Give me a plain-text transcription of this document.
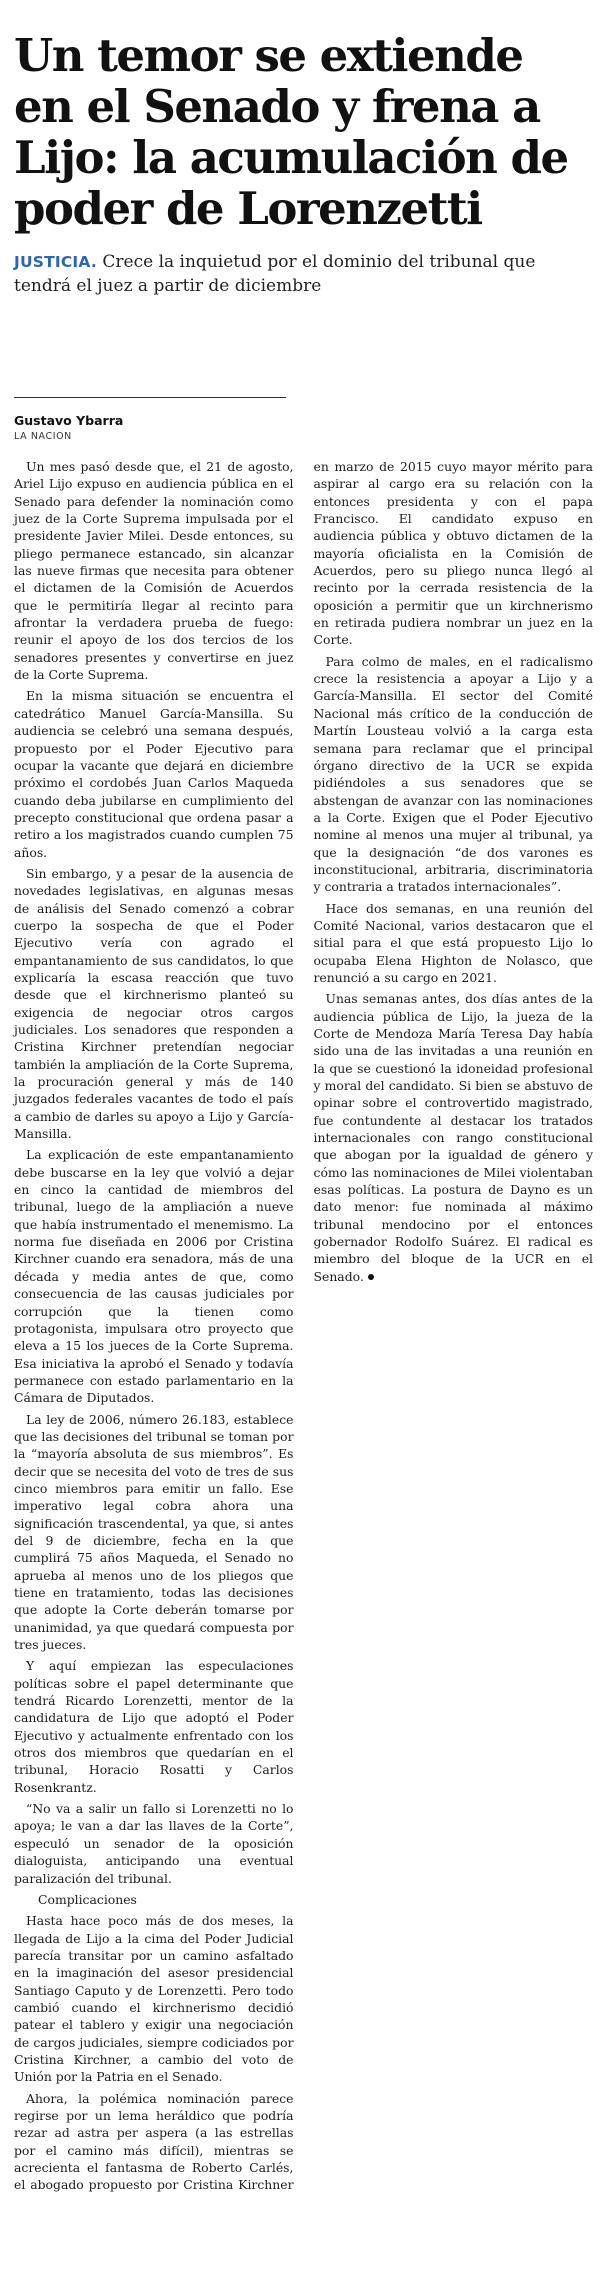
Un temor se extiende en el Senado y frena a Lijo: la acumulación de poder de Lorenzetti

JUSTICIA. Crece la inquietud por el dominio del tribunal que tendrá el juez a partir de diciembre

Gustavo Ybarra
LA NACION

Un mes pasó desde que, el 21 de agosto, Ariel Lijo expuso en audiencia pública en el Senado para defender la nominación como juez de la Corte Suprema impulsada por el presidente Javier Milei. Desde entonces, su pliego permanece estancado, sin alcanzar las nueve firmas que necesita para obtener el dictamen de la Comisión de Acuerdos que le permitiría llegar al recinto para afrontar la verdadera prueba de fuego: reunir el apoyo de los dos tercios de los senadores presentes y convertirse en juez de la Corte Suprema.

En la misma situación se encuentra el catedrático Manuel García-Mansilla. Su audiencia se celebró una semana después, propuesto por el Poder Ejecutivo para ocupar la vacante que dejará en diciembre próximo el cordobés Juan Carlos Maqueda cuando deba jubilarse en cumplimiento del precepto constitucional que ordena pasar a retiro a los magistrados cuando cumplen 75 años.

Sin embargo, y a pesar de la ausencia de novedades legislativas, en algunas mesas de análisis del Senado comenzó a cobrar cuerpo la sospecha de que el Poder Ejecutivo vería con agrado el empantanamiento de sus candidatos, lo que explicaría la escasa reacción que tuvo desde que el kirchnerismo planteó su exigencia de negociar otros cargos judiciales. Los senadores que responden a Cristina Kirchner pretendían negociar también la ampliación de la Corte Suprema, la procuración general y más de 140 juzgados federales vacantes de todo el país a cambio de darles su apoyo a Lijo y García-Mansilla.

La explicación de este empantanamiento debe buscarse en la ley que volvió a dejar en cinco la cantidad de miembros del tribunal, luego de la ampliación a nueve que había instrumentado el menemismo. La norma fue diseñada en 2006 por Cristina Kirchner cuando era senadora, más de una década y media antes de que, como consecuencia de las causas judiciales por corrupción que la tienen como protagonista, impulsara otro proyecto que eleva a 15 los jueces de la Corte Suprema. Esa iniciativa la aprobó el Senado y todavía permanece con estado parlamentario en la Cámara de Diputados.

La ley de 2006, número 26.183, establece que las decisiones del tribunal se toman por la “mayoría absoluta de sus miembros”. Es decir que se necesita del voto de tres de sus cinco miembros para emitir un fallo. Ese imperativo legal cobra ahora una significación trascendental, ya que, si antes del 9 de diciembre, fecha en la que cumplirá 75 años Maqueda, el Senado no aprueba al menos uno de los pliegos que tiene en tratamiento, todas las decisiones que adopte la Corte deberán tomarse por unanimidad, ya que quedará compuesta por tres jueces.

Y aquí empiezan las especulaciones políticas sobre el papel determinante que tendrá Ricardo Lorenzetti, mentor de la candidatura de Lijo que adoptó el Poder Ejecutivo y actualmente enfrentado con los otros dos miembros que quedarían en el tribunal, Horacio Rosatti y Carlos Rosenkrantz.

“No va a salir un fallo si Lorenzetti no lo apoya; le van a dar las llaves de la Corte”, especuló un senador de la oposición dialoguista, anticipando una eventual paralización del tribunal.

Complicaciones

Hasta hace poco más de dos meses, la llegada de Lijo a la cima del Poder Judicial parecía transitar por un camino asfaltado en la imaginación del asesor presidencial Santiago Caputo y de Lorenzetti. Pero todo cambió cuando el kirchnerismo decidió patear el tablero y exigir una negociación de cargos judiciales, siempre codiciados por Cristina Kirchner, a cambio del voto de Unión por la Patria en el Senado.

Ahora, la polémica nominación parece regirse por un lema heráldico que podría rezar ad astra per aspera (a las estrellas por el camino más difícil), mientras se acrecienta el fantasma de Roberto Carlés, el abogado propuesto por Cristina Kirchner en marzo de 2015 cuyo mayor mérito para aspirar al cargo era su relación con la entonces presidenta y con el papa Francisco. El candidato expuso en audiencia pública y obtuvo dictamen de la mayoría oficialista en la Comisión de Acuerdos, pero su pliego nunca llegó al recinto por la cerrada resistencia de la oposición a permitir que un kirchnerismo en retirada pudiera nombrar un juez en la Corte.

Para colmo de males, en el radicalismo crece la resistencia a apoyar a Lijo y a García-Mansilla. El sector del Comité Nacional más crítico de la conducción de Martín Lousteau volvió a la carga esta semana para reclamar que el principal órgano directivo de la UCR se expida pidiéndoles a sus senadores que se abstengan de avanzar con las nominaciones a la Corte. Exigen que el Poder Ejecutivo nomine al menos una mujer al tribunal, ya que la designación “de dos varones es inconstitucional, arbitraria, discriminatoria y contraria a tratados internacionales”.

Hace dos semanas, en una reunión del Comité Nacional, varios destacaron que el sitial para el que está propuesto Lijo lo ocupaba Elena Highton de Nolasco, que renunció a su cargo en 2021.

Unas semanas antes, dos días antes de la audiencia pública de Lijo, la jueza de la Corte de Mendoza María Teresa Day había sido una de las invitadas a una reunión en la que se cuestionó la idoneidad profesional y moral del candidato. Si bien se abstuvo de opinar sobre el controvertido magistrado, fue contundente al destacar los tratados internacionales con rango constitucional que abogan por la igualdad de género y cómo las nominaciones de Milei violentaban esas políticas. La postura de Dayno es un dato menor: fue nominada al máximo tribunal mendocino por el entonces gobernador Rodolfo Suárez. El radical es miembro del bloque de la UCR en el Senado.
